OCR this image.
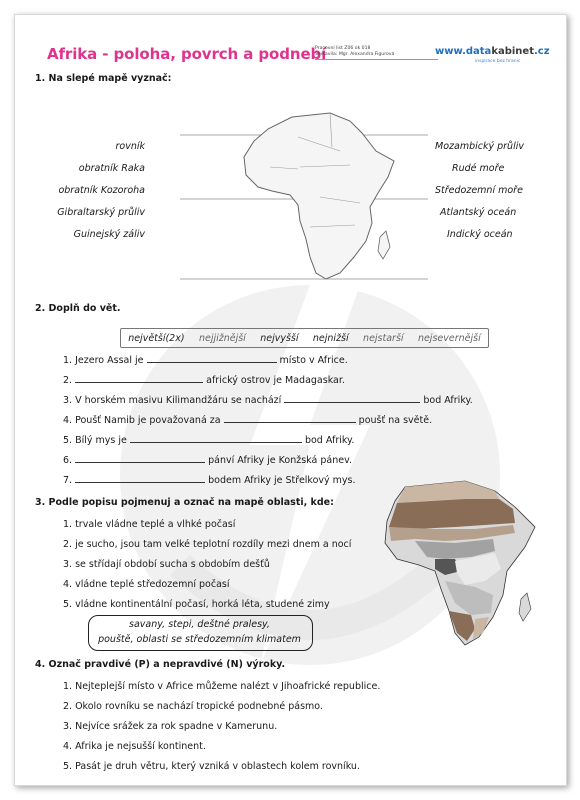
Afrika - poloha, povrch a podnebí
Pracovní list Z06 ok 018
Sestavila: Mgr. Alexandra Figurová	www.datakabinet.cz
inspirace bez hranic
1. Na slepé mapě vyznač:
rovník
obratník Raka
obratník Kozoroha
Gibraltarský průliv
Guinejský záliv
Mozambický průliv
Rudé moře
Středozemní moře
Atlantský oceán
Indický oceán
2. Doplň do vět.
největší(2x) nejjižnější nejvyšší nejnižší nejstarší nejsevernější
1. Jezero Assal je	místo v Africe.
2.	africký ostrov je Madagaskar.
3. V horském masivu Kilimandžáru se nachází	bod Afriky.
4. Poušť Namib je považovaná za	poušť na světě.
5. Bílý mys je	bod Afriky.
6.	pánví Afriky je Konžská pánev.
7.	bodem Afriky je Střelkový mys.
3. Podle popisu pojmenuj a označ na mapě oblasti, kde:
1. trvale vládne teplé a vlhké počasí
2. je sucho, jsou tam velké teplotní rozdíly mezi dnem a nocí
3. se střídají období sucha s obdobím dešťů
4. vládne teplé středozemní počasí
5. vládne kontinentální počasí, horká léta, studené zimy
savany, stepi, deštné pralesy,
pouště, oblasti se středozemním klimatem
4. Označ pravdivé (P) a nepravdivé (N) výroky.
1. Nejteplejší místo v Africe můžeme nalézt v Jihoafrické republice.
2. Okolo rovníku se nachází tropické podnebné pásmo.
3. Nejvíce srážek za rok spadne v Kamerunu.
4. Afrika je nejsušší kontinent.
5. Pasát je druh větru, který vzniká v oblastech kolem rovníku.
